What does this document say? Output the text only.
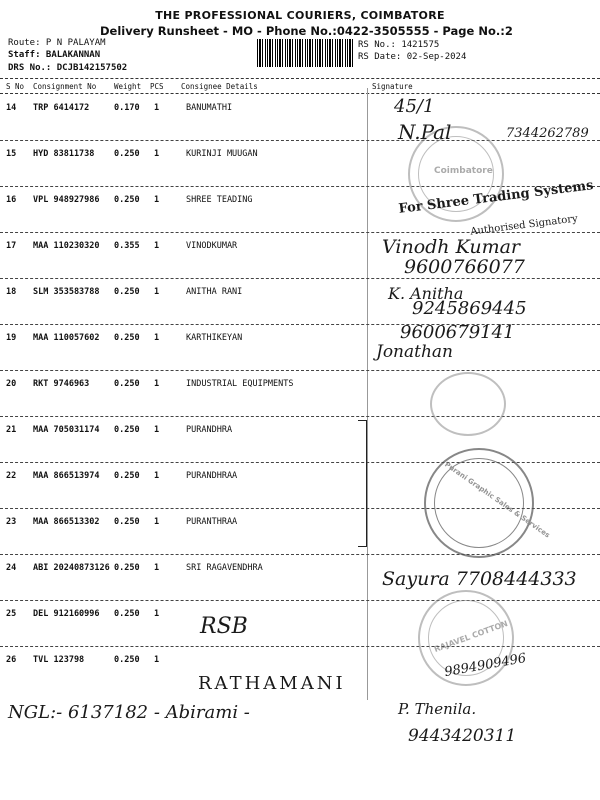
THE PROFESSIONAL COURIERS, COIMBATORE
Delivery Runsheet - MO - Phone No.:0422-3505555 - Page No.:2
Route: P N PALAYAM
Staff: BALAKANNAN
DRS No.: DCJB142157502
RS No.: 1421575
RS Date: 02-Sep-2024
S No Consignment No Weight PCS Consignee Details	Signature
14 TRP 6414172	0.170 1	BANUMATHI
15 HYD 83811738 0.250 1	KURINJI MUUGAN
16 VPL 948927986 0.250 1	SHREE TEADING
17 MAA 110230320 0.355 1	VINODKUMAR
18 SLM 353583788 0.250 1	ANITHA RANI
19 MAA 110057602 0.250 1	KARTHIKEYAN
20 RKT 9746963	0.250 1	INDUSTRIAL EQUIPMENTS
21 MAA 705031174 0.250 1	PURANDHRA
22 MAA 866513974 0.250 1	PURANDHRAA
23 MAA 866513302 0.250 1	PURANTHRAA
24 ABI 20240873126 0.250 1	SRI RAGAVENDHRA
25 DEL 912160996 0.250 1
26 TVL 123798	0.250 1
Coimbatore
Purani Graphic Sales & Services
RAJAVEL COTTON
45/1
N.Pal	7344262789
For Shree Trading Systems
Authorised Signatory
Vinodh Kumar
9600766077
K. Anitha
9245869445
9600679141
Jonathan
Sayura 7708444333
RSB
9894909496
RATHAMANI
NGL:- 6137182 - Abirami -	P. Thenila.
9443420311
